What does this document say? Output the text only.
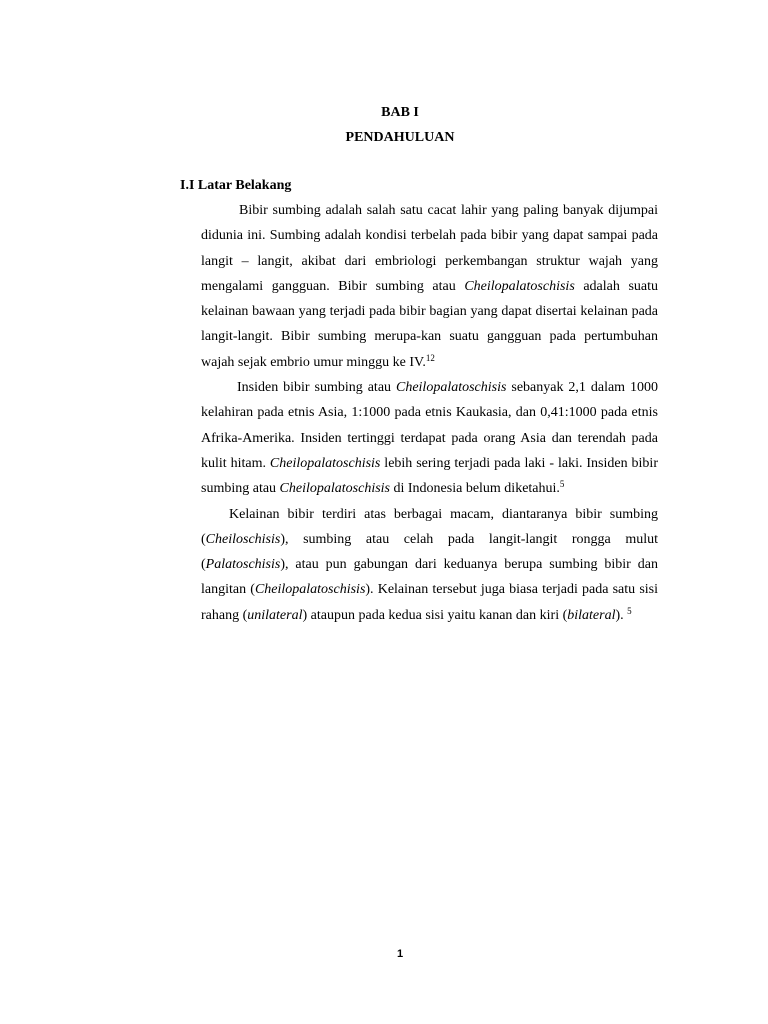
BAB I
PENDAHULUAN
I.I Latar Belakang

Bibir sumbing adalah salah satu cacat lahir yang paling banyak dijumpai didunia ini. Sumbing adalah kondisi terbelah pada bibir yang dapat sampai pada langit – langit, akibat dari embriologi perkembangan struktur wajah yang mengalami gangguan. Bibir sumbing atau Cheilopalatoschisis adalah suatu kelainan bawaan yang terjadi pada bibir bagian yang dapat disertai kelainan pada langit-langit. Bibir sumbing merupa-kan suatu gangguan pada pertumbuhan wajah sejak embrio umur minggu ke IV.$^{12}$

Insiden bibir sumbing atau Cheilopalatoschisis sebanyak 2,1 dalam 1000 kelahiran pada etnis Asia, 1:1000 pada etnis Kaukasia, dan 0,41:1000 pada etnis Afrika-Amerika. Insiden tertinggi terdapat pada orang Asia dan terendah pada kulit hitam. Cheilopalatoschisis lebih sering terjadi pada laki - laki. Insiden bibir sumbing atau Cheilopalatoschisis di Indonesia belum diketahui.$^5$

Kelainan bibir terdiri atas berbagai macam, diantaranya bibir sumbing (Cheiloschisis), sumbing atau celah pada langit-langit rongga mulut (Palatoschisis), atau pun gabungan dari keduanya berupa sumbing bibir dan langitan (Cheilopalatoschisis). Kelainan tersebut juga biasa terjadi pada satu sisi rahang (unilateral) ataupun pada kedua sisi yaitu kanan dan kiri (bilateral). $^5$

1
